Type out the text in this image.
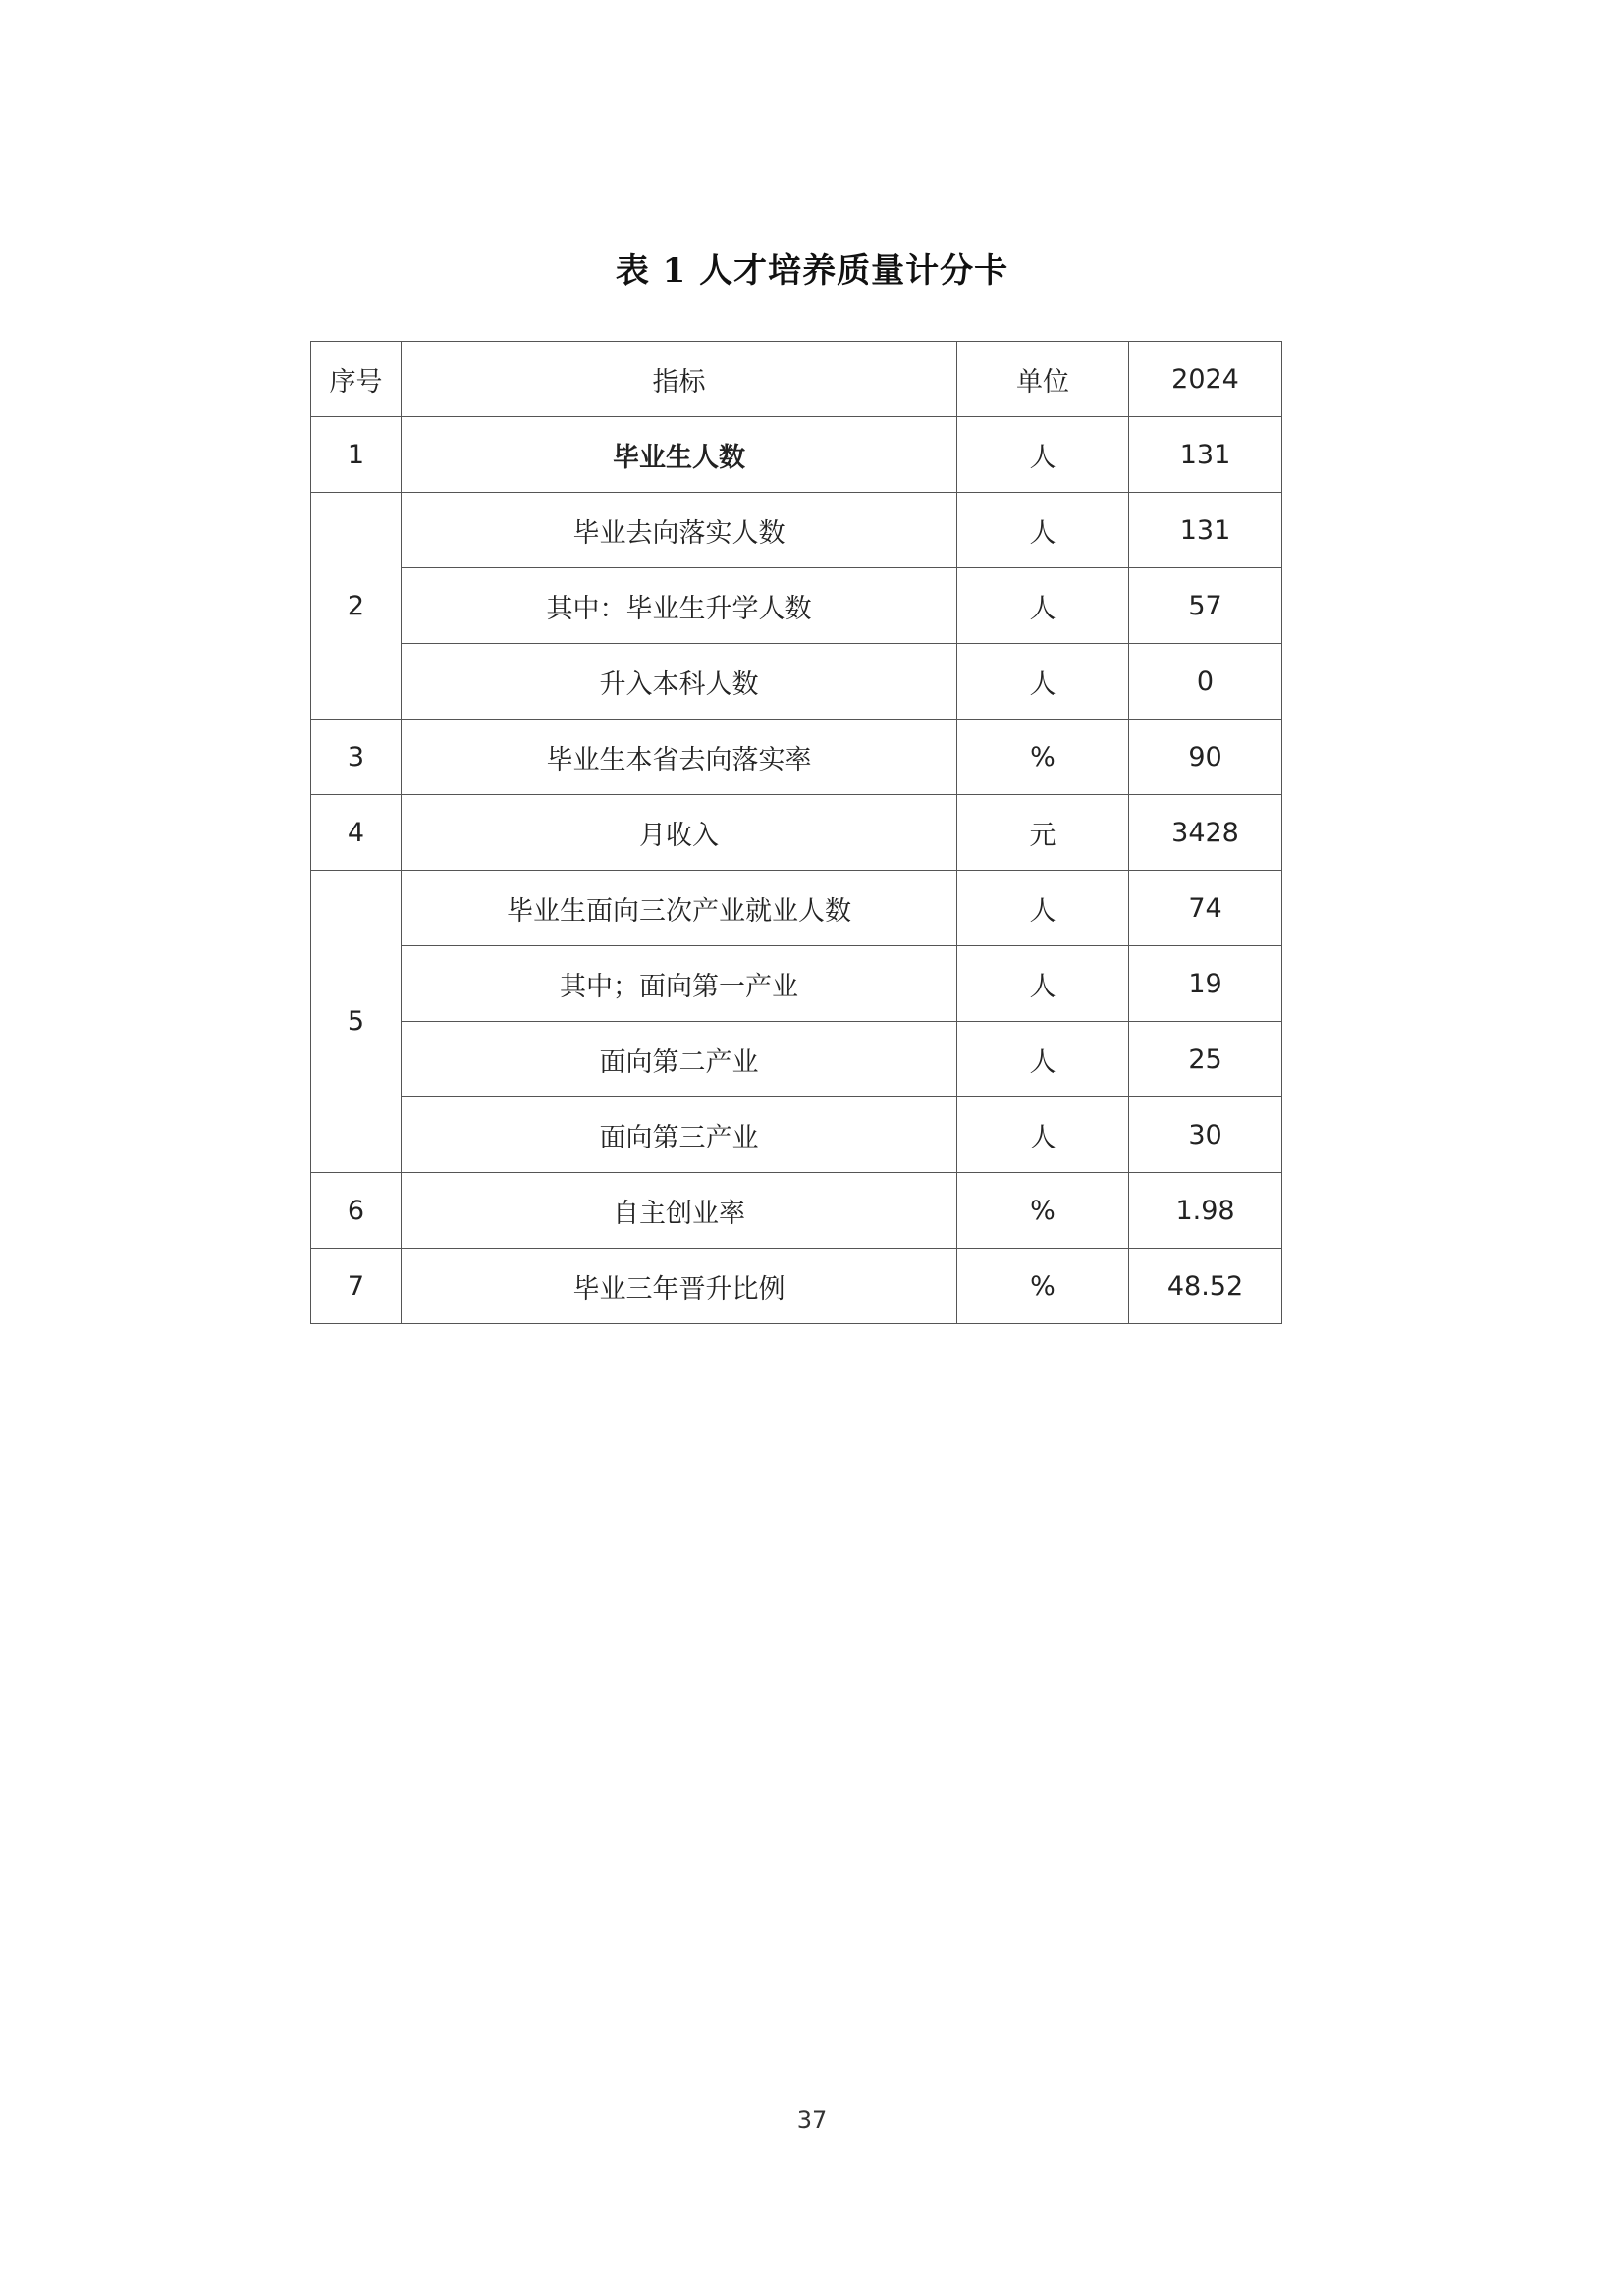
表 1 人才培养质量计分卡
序号	指标	单位	2024
1	毕业生人数	人	131
2	毕业去向落实人数	人	131
	其中：毕业生升学人数	人	57
	升入本科人数	人	0
3	毕业生本省去向落实率	%	90
4	月收入	元	3428
5	毕业生面向三次产业就业人数	人	74
	其中；面向第一产业	人	19
	面向第二产业	人	25
	面向第三产业	人	30
6	自主创业率	%	1.98
7	毕业三年晋升比例	%	48.52
37
